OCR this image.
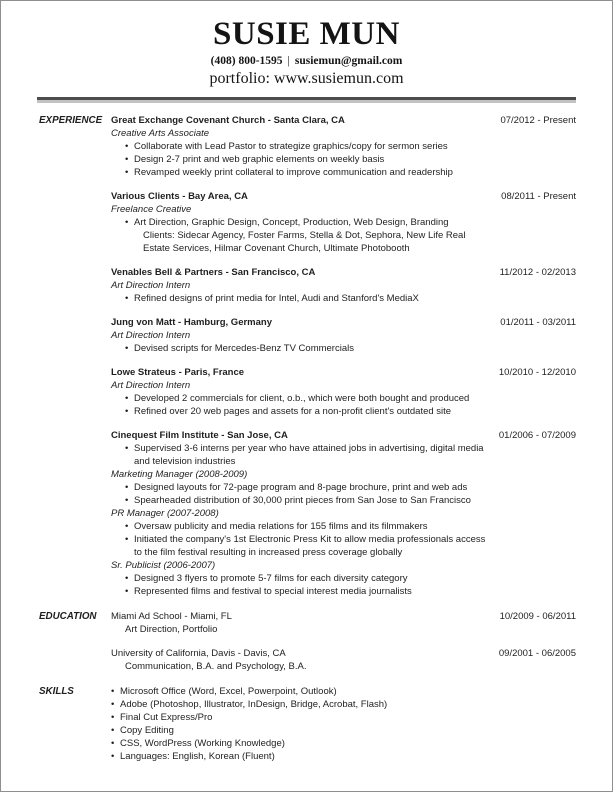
SUSIE MUN
(408) 800-1595 | susiemun@gmail.com
portfolio: www.susiemun.com
EXPERIENCE Great Exchange Covenant Church - Santa Clara, CA
Creative Arts Associate
• Collaborate with Lead Pastor to strategize graphics/copy for sermon series
• Design 2-7 print and web graphic elements on weekly basis
• Revamped weekly print collateral to improve communication and readership
07/2012 - Present
Various Clients - Bay Area, CA
Freelance Creative
• Art Direction, Graphic Design, Concept, Production, Web Design, Branding
Clients: Sidecar Agency, Foster Farms, Stella & Dot, Sephora, New Life Real Estate Services, Hilmar Covenant Church, Ultimate Photobooth
08/2011 - Present
Venables Bell & Partners - San Francisco, CA
Art Direction Intern
• Refined designs of print media for Intel, Audi and Stanford's MediaX
11/2012 - 02/2013
Jung von Matt - Hamburg, Germany
Art Direction Intern
• Devised scripts for Mercedes-Benz TV Commercials
01/2011 - 03/2011
Lowe Strateus - Paris, France
Art Direction Intern
• Developed 2 commercials for client, o.b., which were both bought and produced
• Refined over 20 web pages and assets for a non-profit client's outdated site
10/2010 - 12/2010
Cinequest Film Institute - San Jose, CA
• Supervised 3-6 interns per year who have attained jobs in advertising, digital media and television industries
Marketing Manager (2008-2009)
• Designed layouts for 72-page program and 8-page brochure, print and web ads
• Spearheaded distribution of 30,000 print pieces from San Jose to San Francisco
PR Manager (2007-2008)
• Oversaw publicity and media relations for 155 films and its filmmakers
• Initiated the company's 1st Electronic Press Kit to allow media professionals access to the film festival resulting in increased press coverage globally
Sr. Publicist (2006-2007)
• Designed 3 flyers to promote 5-7 films for each diversity category
• Represented films and festival to special interest media journalists
01/2006 - 07/2009
EDUCATION	Miami Ad School - Miami, FL
Art Direction, Portfolio
10/2009 - 06/2011
University of California, Davis - Davis, CA
Communication, B.A. and Psychology, B.A.
09/2001 - 06/2005
SKILLS	• Microsoft Office (Word, Excel, Powerpoint, Outlook)
• Adobe (Photoshop, Illustrator, InDesign, Bridge, Acrobat, Flash)
• Final Cut Express/Pro
• Copy Editing
• CSS, WordPress (Working Knowledge)
• Languages: English, Korean (Fluent)
